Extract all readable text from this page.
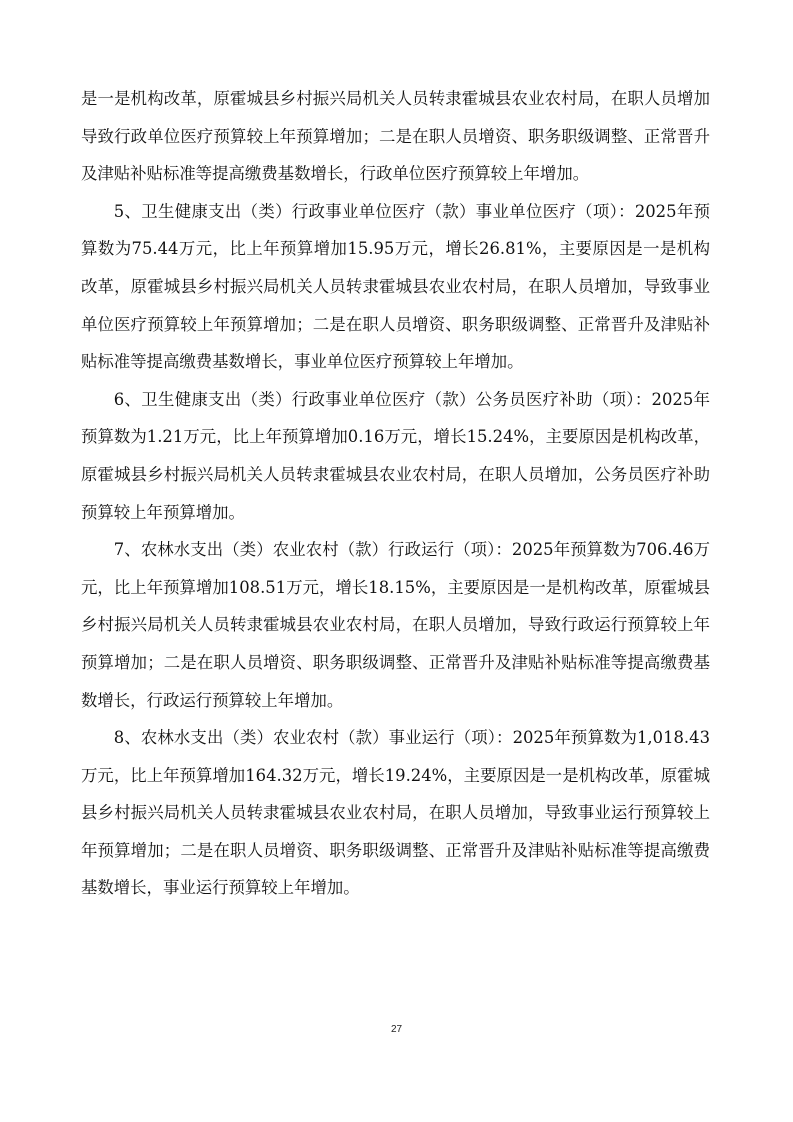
是一是机构改革，原霍城县乡村振兴局机关人员转隶霍城县农业农村局，在职人员增加导致行政单位医疗预算较上年预算增加；二是在职人员增资、职务职级调整、正常晋升及津贴补贴标准等提高缴费基数增长，行政单位医疗预算较上年增加。

5、卫生健康支出（类）行政事业单位医疗（款）事业单位医疗（项）：2025年预算数为75.44万元，比上年预算增加15.95万元，增长26.81%，主要原因是一是机构改革，原霍城县乡村振兴局机关人员转隶霍城县农业农村局，在职人员增加，导致事业单位医疗预算较上年预算增加；二是在职人员增资、职务职级调整、正常晋升及津贴补贴标准等提高缴费基数增长，事业单位医疗预算较上年增加。

6、卫生健康支出（类）行政事业单位医疗（款）公务员医疗补助（项）：2025年预算数为1.21万元，比上年预算增加0.16万元，增长15.24%，主要原因是机构改革，原霍城县乡村振兴局机关人员转隶霍城县农业农村局，在职人员增加，公务员医疗补助预算较上年预算增加。

7、农林水支出（类）农业农村（款）行政运行（项）：2025年预算数为706.46万元，比上年预算增加108.51万元，增长18.15%，主要原因是一是机构改革，原霍城县乡村振兴局机关人员转隶霍城县农业农村局，在职人员增加，导致行政运行预算较上年预算增加；二是在职人员增资、职务职级调整、正常晋升及津贴补贴标准等提高缴费基数增长，行政运行预算较上年增加。

8、农林水支出（类）农业农村（款）事业运行（项）：2025年预算数为1,018.43万元，比上年预算增加164.32万元，增长19.24%，主要原因是一是机构改革，原霍城县乡村振兴局机关人员转隶霍城县农业农村局，在职人员增加，导致事业运行预算较上年预算增加；二是在职人员增资、职务职级调整、正常晋升及津贴补贴标准等提高缴费基数增长，事业运行预算较上年增加。

27
